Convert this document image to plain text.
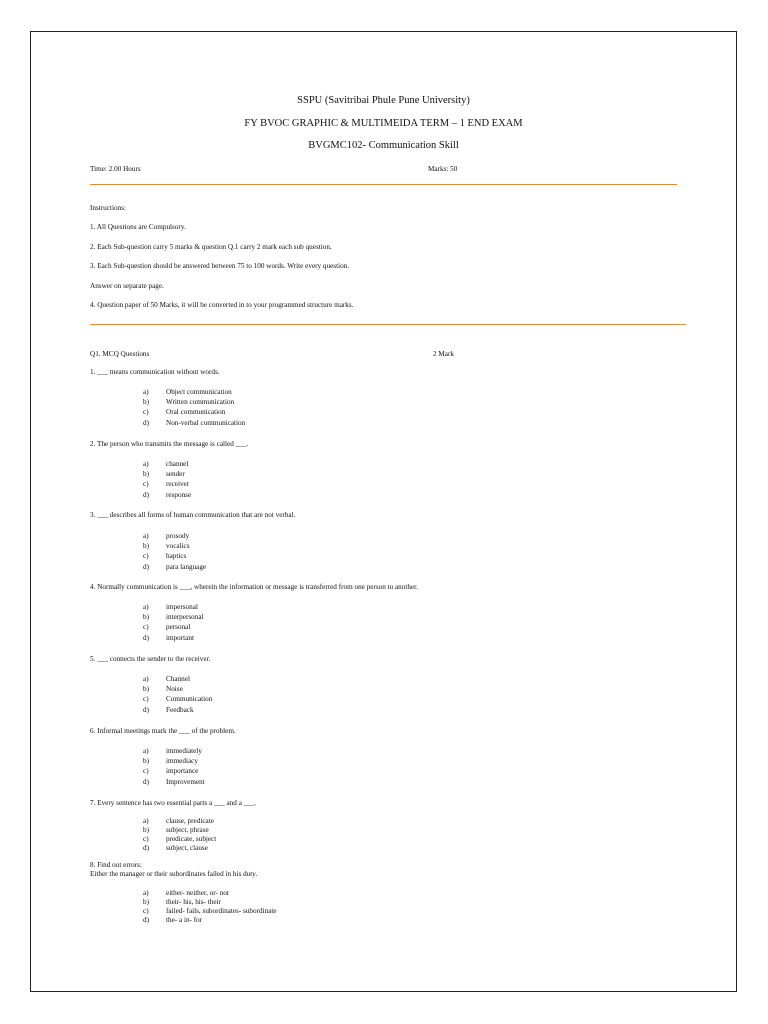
SSPU (Savitribai Phule Pune University)
FY BVOC GRAPHIC & MULTIMEIDA TERM – 1 END EXAM
BVGMC102- Communication Skill
Time: 2.00 Hours	Marks: 50
Instructions:
1. All Questions are Compulsory.
2. Each Sub-question carry 5 marks & question Q.1 carry 2 mark each sub question.
3. Each Sub-question should be answered between 75 to 100 words. Write every question.
Answer on separate page.
4. Question paper of 50 Marks, it will be converted in to your programmed structure marks.
Q1. MCQ Questions	2 Mark
1. ___ means communication without words.
a) Object communication
b) Written communication
c) Oral communication
d) Non-verbal communication
2. The person who transmits the message is called ___.
a) channel
b) sender
c) receiver
d) response
3. ___ describes all forms of human communication that are not verbal.
a) prosody
b) vocalics
c) haptics
d) para language
4. Normally communication is ___, wherein the information or message is transferred from one person to another.
a) impersonal
b) interpersonal
c) personal
d) important
5. ___ connects the sender to the receiver.
a) Channel
b) Noise
c) Communication
d) Feedback
6. Informal meetings mark the ___ of the problem.
a) immediately
b) immediacy
c) importance
d) Improvement
7. Every sentence has two essential parts a ___ and a ___.
a) clause, predicate
b) subject, phrase
c) predicate, subject
d) subject, clause
8. Find out errors:
Either the manager or their subordinates failed in his duty.
a) either- neither, or- nor
b) their- his, his- their
c) failed- fails, subordinates- subordinate
d) the- a in- for
